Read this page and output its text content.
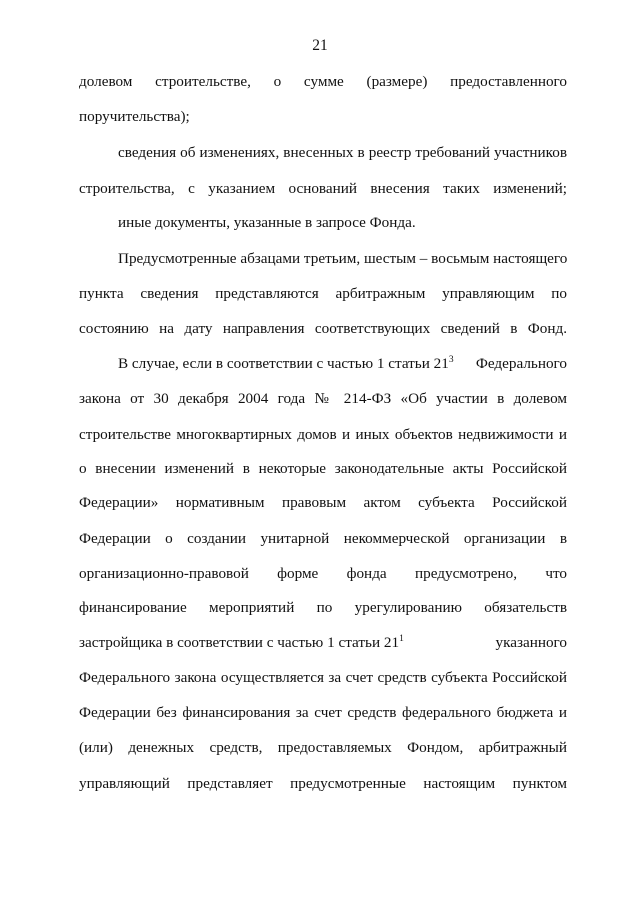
21
долевом строительстве, о сумме (размере) предоставленного
поручительства);
сведения об изменениях, внесенных в реестр требований участников
строительства, с указанием оснований внесения таких изменений;
иные документы, указанные в запросе Фонда.
Предусмотренные абзацами третьим, шестым – восьмым настоящего
пункта сведения представляются арбитражным управляющим по
состоянию на дату направления соответствующих сведений в Фонд.
В случае, если в соответствии с частью 1 статьи $21^3$ Федерального
закона от 30 декабря 2004 года № 214-ФЗ «Об участии в долевом
строительстве многоквартирных домов и иных объектов недвижимости и
о внесении изменений в некоторые законодательные акты Российской
Федерации» нормативным правовым актом субъекта Российской
Федерации о создании унитарной некоммерческой организации в
организационно-правовой форме фонда предусмотрено, что
финансирование мероприятий по урегулированию обязательств
застройщика в соответствии с частью 1 статьи $21^1$	указанного
Федерального закона осуществляется за счет средств субъекта Российской
Федерации без финансирования за счет средств федерального бюджета и
(или) денежных средств, предоставляемых Фондом, арбитражный
управляющий представляет предусмотренные настоящим пунктом
